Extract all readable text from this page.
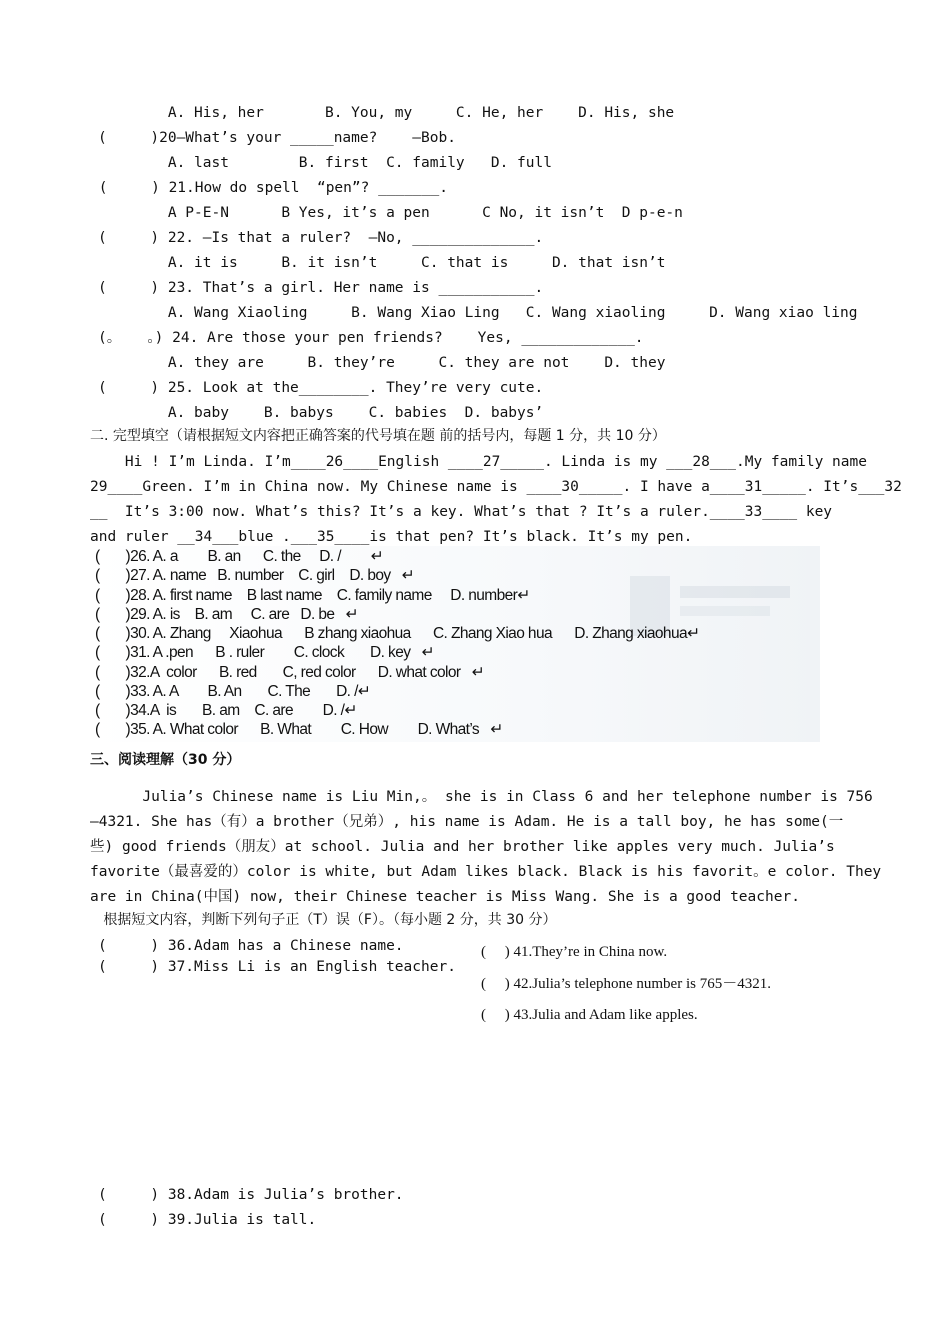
A. His, her       B. You, my     C. He, her    D. His, she
(     )20—What’s your _____name?    —Bob.
A. last        B. first  C. family   D. full
(     ) 21.How do spell  “pen”? _______.
A P-E-N      B Yes, it’s a pen      C No, it isn’t  D p-e-n
(     ) 22. —Is that a ruler?  —No, ______________.
A. it is     B. it isn’t     C. that is     D. that isn’t
(     ) 23. That’s a girl. Her name is ___________.
A. Wang Xiaoling     B. Wang Xiao Ling   C. Wang xiaoling     D. Wang xiao ling
(。   。) 24. Are those your pen friends?    Yes, _____________.
A. they are     B. they’re     C. they are not    D. they
(     ) 25. Look at the________. They’re very cute.
A. baby    B. babys    C. babies  D. babys’
二. 完型填空（请根据短文内容把正确答案的代号填在题 前的括号内，每题 1 分，共 10 分）
Hi ! I’m Linda. I’m____26____English ____27_____. Linda is my ___28___.My family name
29____Green. I’m in China now. My Chinese name is ____30_____. I have a____31_____. It’s___32
__  It’s 3:00 now. What’s this? It’s a key. What’s that ? It’s a ruler.____33____ key
and ruler __34___blue .___35____is that pen? It’s black. It’s my pen.
(       )26. A. a        B. an      C. the     D. /        ↵
(       )27. A. name   B. number    C. girl    D. boy   ↵
(       )28. A. first name    B last name    C. family name     D. number↵
(       )29. A. is    B. am     C. are   D. be   ↵
(       )30. A. Zhang     Xiaohua      B zhang xiaohua      C. Zhang Xiao hua      D. Zhang xiaohua↵
(       )31. A .pen      B . ruler        C. clock       D. key   ↵
(       )32.A  color      B. red       C, red color      D. what color   ↵
(       )33. A. A        B. An       C. The       D. /↵
(       )34.A  is       B. am    C. are        D. /↵
(       )35. A. What color      B. What        C. How        D. What’s   ↵
三、阅读理解（30 分）
Julia’s Chinese name is Liu Min,。 she is in Class 6 and her telephone number is 756
—4321. She has（有）a brother（兄弟）, his name is Adam. He is a tall boy, he has some(一
些) good friends（朋友）at school. Julia and her brother like apples very much. Julia’s
favorite（最喜爱的）color is white, but Adam likes black. Black is his favorit。e color. They
are in China(中国) now, their Chinese teacher is Miss Wang. She is a good teacher.
根据短文内容，判断下列句子正（T）误（F）。（每小题 2 分，共 30 分）
(     ) 36.Adam has a Chinese name.
(     ) 37.Miss Li is an English teacher.
(     ) 41.They’re in China now.
(     ) 42.Julia’s telephone number is 765－4321.
(     ) 43.Julia and Adam like apples.
(     ) 38.Adam is Julia’s brother.
(     ) 39.Julia is tall.
